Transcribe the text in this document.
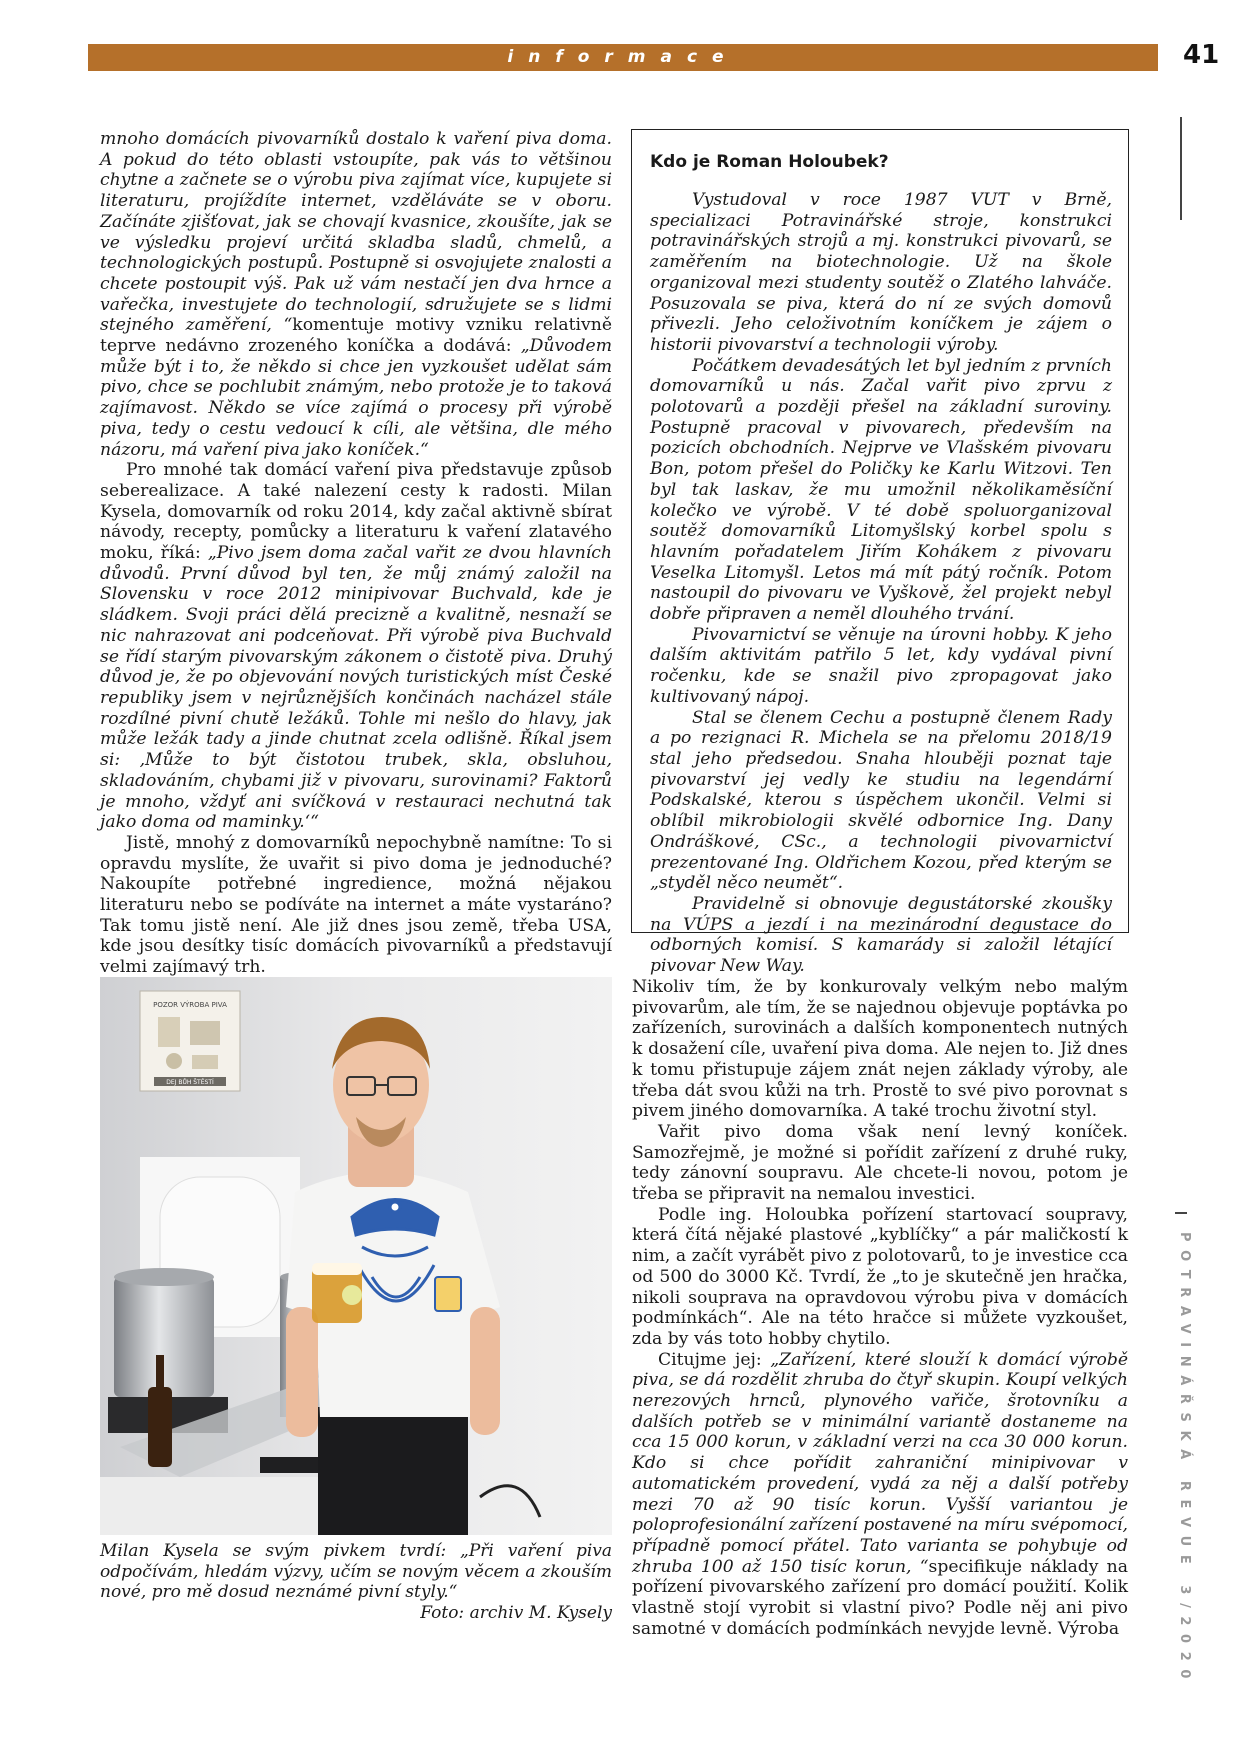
informace	41

mnoho domácích pivovarníků dostalo k vaření piva doma. A pokud do této oblasti vstoupíte, pak vás to většinou chytne a začnete se o výrobu piva zajímat více, kupujete si literaturu, projíždíte internet, vzděláváte se v oboru. Začínáte zjišťovat, jak se chovají kvasnice, zkoušíte, jak se ve výsledku projeví určitá skladba sladů, chmelů, a technologických postupů. Postupně si osvojujete znalosti a chcete postoupit výš. Pak už vám nestačí jen dva hrnce a vařečka, investujete do technologií, sdružujete se s lidmi stejného zaměření, “komentuje motivy vzniku relativně teprve nedávno zrozeného koníčka a dodává: „Důvodem může být i to, že někdo si chce jen vyzkoušet udělat sám pivo, chce se pochlubit známým, nebo protože je to taková zajímavost. Někdo se více zajímá o procesy při výrobě piva, tedy o cestu vedoucí k cíli, ale většina, dle mého názoru, má vaření piva jako koníček.“

Pro mnohé tak domácí vaření piva představuje způsob seberealizace. A také nalezení cesty k radosti. Milan Kysela, domovarník od roku 2014, kdy začal aktivně sbírat návody, recepty, pomůcky a literaturu k vaření zlatavého moku, říká: „Pivo jsem doma začal vařit ze dvou hlavních důvodů. První důvod byl ten, že můj známý založil na Slovensku v roce 2012 minipivovar Buchvald, kde je sládkem. Svoji práci dělá precizně a kvalitně, nesnaží se nic nahrazovat ani podceňovat. Při výrobě piva Buchvald se řídí starým pivovarským zákonem o čistotě piva. Druhý důvod je, že po objevování nových turistických míst České republiky jsem v nejrůznějších končinách nacházel stále rozdílné pivní chutě ležáků. Tohle mi nešlo do hlavy, jak může ležák tady a jinde chutnat zcela odlišně. Říkal jsem si: ‚Může to být čistotou trubek, skla, obsluhou, skladováním, chybami již v pivovaru, surovinami? Faktorů je mnoho, vždyť ani svíčková v restauraci nechutná tak jako doma od maminky.‘“

Jistě, mnohý z domovarníků nepochybně namítne: To si opravdu myslíte, že uvařit si pivo doma je jednoduché? Nakoupíte potřebné ingredience, možná nějakou literaturu nebo se podíváte na internet a máte vystaráno? Tak tomu jistě není. Ale již dnes jsou země, třeba USA, kde jsou desítky tisíc domácích pivovarníků a představují velmi zajímavý trh.

Kdo je Roman Holoubek?

Vystudoval v roce 1987 VUT v Brně, specializaci Potravinářské stroje, konstrukci potravinářských strojů a mj. konstrukci pivovarů, se zaměřením na biotechnologie. Už na škole organizoval mezi studenty soutěž o Zlatého lahváče. Posuzovala se piva, která do ní ze svých domovů přivezli. Jeho celoživotním koníčkem je zájem o historii pivovarství a technologii výroby.

Počátkem devadesátých let byl jedním z prvních domovarníků u nás. Začal vařit pivo zprvu z polotovarů a později přešel na základní suroviny. Postupně pracoval v pivovarech, především na pozicích obchodních. Nejprve ve Vlašském pivovaru Bon, potom přešel do Poličky ke Karlu Witzovi. Ten byl tak laskav, že mu umožnil několikaměsíční kolečko ve výrobě. V té době spoluorganizoval soutěž domovarníků Litomyšlský korbel spolu s hlavním pořadatelem Jiřím Kohákem z pivovaru Veselka Litomyšl. Letos má mít pátý ročník. Potom nastoupil do pivovaru ve Vyškově, žel projekt nebyl dobře připraven a neměl dlouhého trvání.

Pivovarnictví se věnuje na úrovni hobby. K jeho dalším aktivitám patřilo 5 let, kdy vydával pivní ročenku, kde se snažil pivo zpropagovat jako kultivovaný nápoj.

Stal se členem Cechu a postupně členem Rady a po rezignaci R. Michela se na přelomu 2018/19 stal jeho předsedou. Snaha hlouběji poznat taje pivovarství jej vedly ke studiu na legendární Podskalské, kterou s úspěchem ukončil. Velmi si oblíbil mikrobiologii skvělé odbornice Ing. Dany Ondráškové, CSc., a technologii pivovarnictví prezentované Ing. Oldřichem Kozou, před kterým se „styděl něco neumět“.

Pravidelně si obnovuje degustátorské zkoušky na VÚPS a jezdí i na mezinárodní degustace do odborných komisí. S kamarády si založil létající pivovar New Way.

POZOR VÝROBA PIVA
DEJ BŮH ŠTĚSTÍ
Milan Kysela se svým pivkem tvrdí: „Při vaření piva odpočívám, hledám výzvy, učím se novým věcem a zkouším nové, pro mě dosud neznámé pivní styly.“
Foto: archiv M. Kysely

Nikoliv tím, že by konkurovaly velkým nebo malým pivovarům, ale tím, že se najednou objevuje poptávka po zařízeních, surovinách a dalších komponentech nutných k dosažení cíle, uvaření piva doma. Ale nejen to. Již dnes k tomu přistupuje zájem znát nejen základy výroby, ale třeba dát svou kůži na trh. Prostě to své pivo porovnat s pivem jiného domovarníka. A také trochu životní styl.

Vařit pivo doma však není levný koníček. Samozřejmě, je možné si pořídit zařízení z druhé ruky, tedy zánovní soupravu. Ale chcete-li novou, potom je třeba se připravit na nemalou investici.

Podle ing. Holoubka pořízení startovací soupravy, která čítá nějaké plastové „kyblíčky“ a pár maličkostí k nim, a začít vyrábět pivo z polotovarů, to je investice cca od 500 do 3000 Kč. Tvrdí, že „to je skutečně jen hračka, nikoli souprava na opravdovou výrobu piva v domácích podmínkách“. Ale na této hračce si můžete vyzkoušet, zda by vás toto hobby chytilo.

Citujme jej: „Zařízení, které slouží k domácí výrobě piva, se dá rozdělit zhruba do čtyř skupin. Koupí velkých nerezových hrnců, plynového vařiče, šrotovníku a dalších potřeb se v minimální variantě dostaneme na cca 15 000 korun, v základní verzi na cca 30 000 korun. Kdo si chce pořídit zahraniční minipivovar v automatickém provedení, vydá za něj a další potřeby mezi 70 až 90 tisíc korun. Vyšší variantou je poloprofesionální zařízení postavené na míru svépomocí, případně pomocí přátel. Tato varianta se pohybuje od zhruba 100 až 150 tisíc korun, “specifikuje náklady na pořízení pivovarského zařízení pro domácí použití. Kolik vlastně stojí vyrobit si vlastní pivo? Podle něj ani pivo samotné v domácích podmínkách nevyjde levně. Výroba	POTRAVINÁŘSKÁ REVUE 3/2020
